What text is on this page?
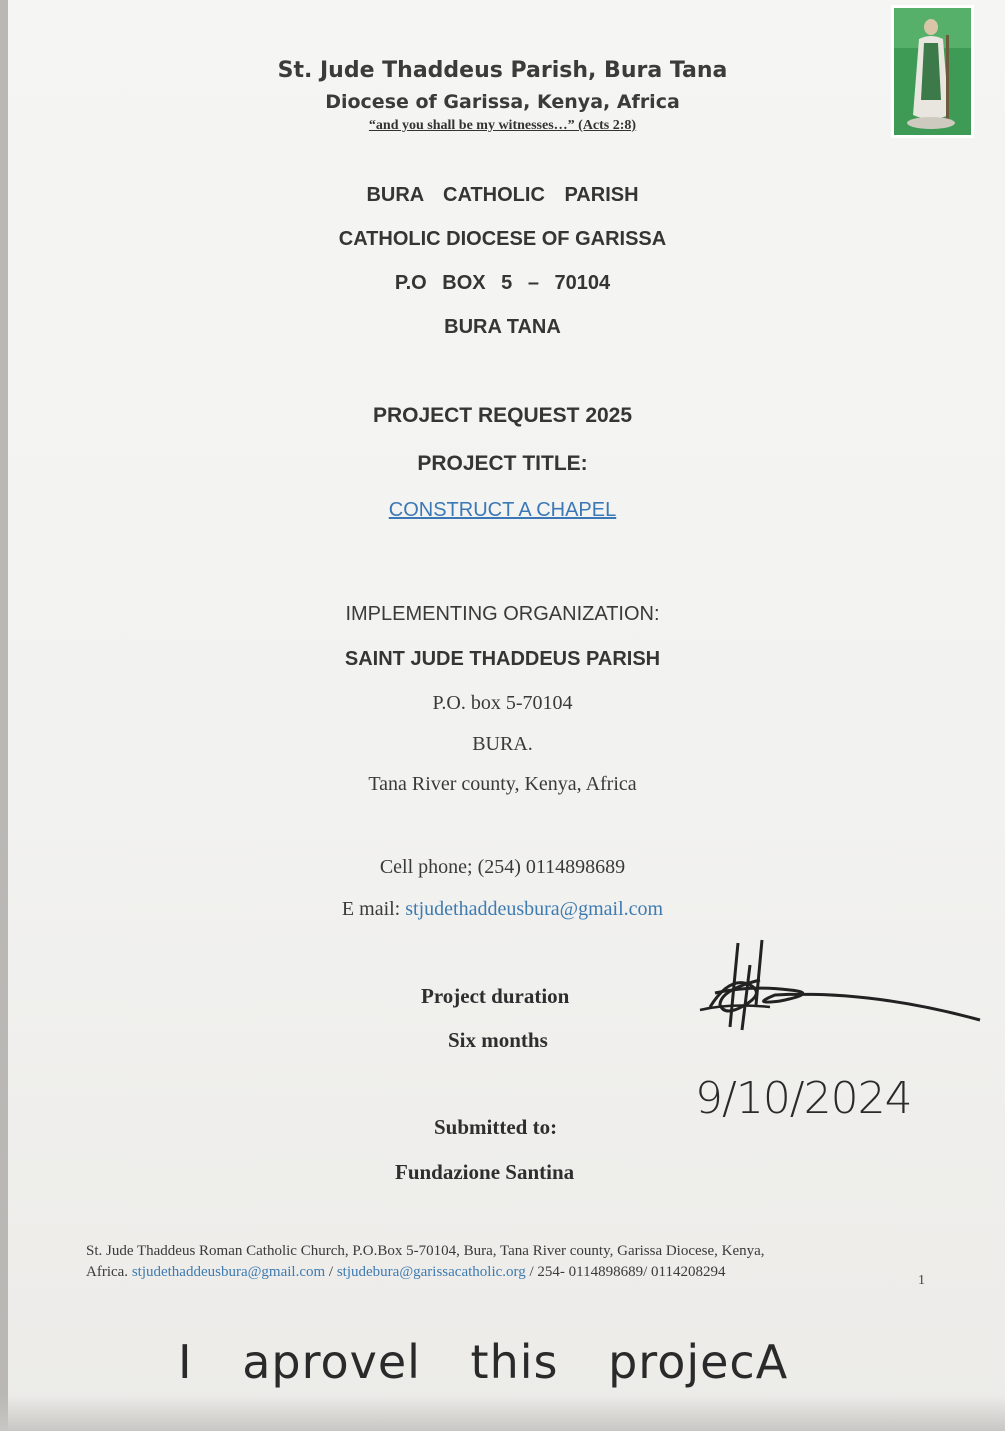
St. Jude Thaddeus Parish, Bura Tana
Diocese of Garissa, Kenya, Africa
“and you shall be my witnesses…” (Acts 2:8)
BURA CATHOLIC PARISH
CATHOLIC DIOCESE OF GARISSA
P.O BOX 5 – 70104
BURA TANA
PROJECT REQUEST 2025
PROJECT TITLE:
CONSTRUCT A CHAPEL
IMPLEMENTING ORGANIZATION:
SAINT JUDE THADDEUS PARISH
P.O. box 5-70104
BURA.
Tana River county, Kenya, Africa
Cell phone; (254) 0114898689
E mail: stjudethaddeusbura@gmail.com
Project duration
Six months
Submitted to:
Fundazione Santina
9/10/2024
St. Jude Thaddeus Roman Catholic Church, P.O.Box 5-70104, Bura, Tana River county, Garissa Diocese, Kenya,
Africa. stjudethaddeusbura@gmail.com / stjudebura@garissacatholic.org / 254- 0114898689/ 0114208294
1
I aprovel this projecA
